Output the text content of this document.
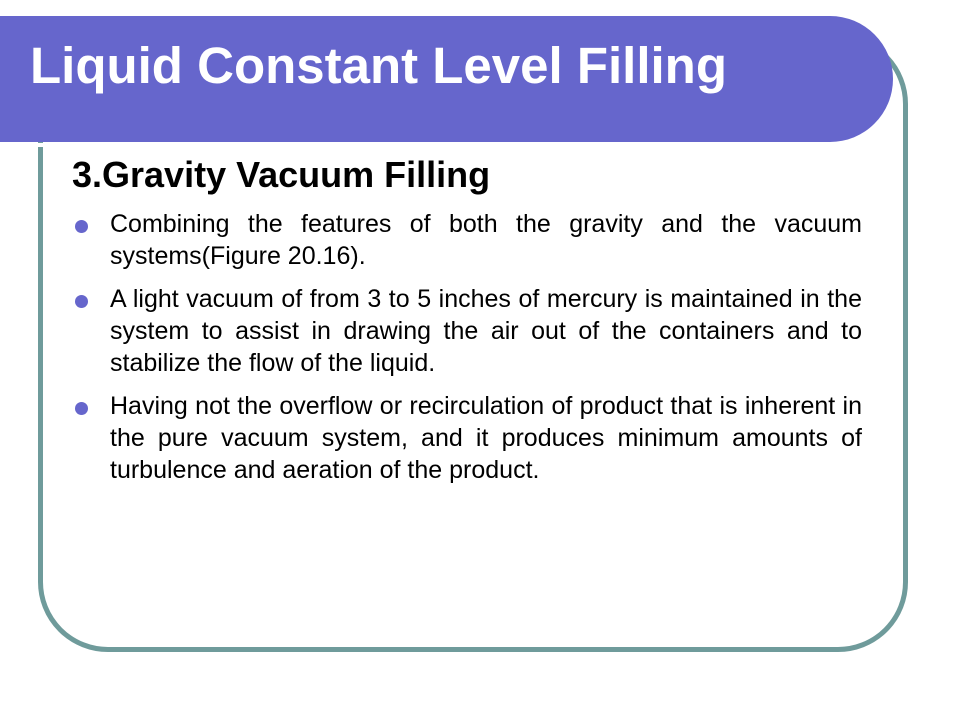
Liquid Constant Level Filling
3.Gravity Vacuum Filling
Combining the features of both the gravity and the vacuum systems(Figure 20.16).
A light vacuum of from 3 to 5 inches of mercury is maintained in the system to assist in drawing the air out of the containers and to stabilize the flow of the liquid.
Having not the overflow or recirculation of product that is inherent in the pure vacuum system, and it produces minimum amounts of turbulence and aeration of the product.
